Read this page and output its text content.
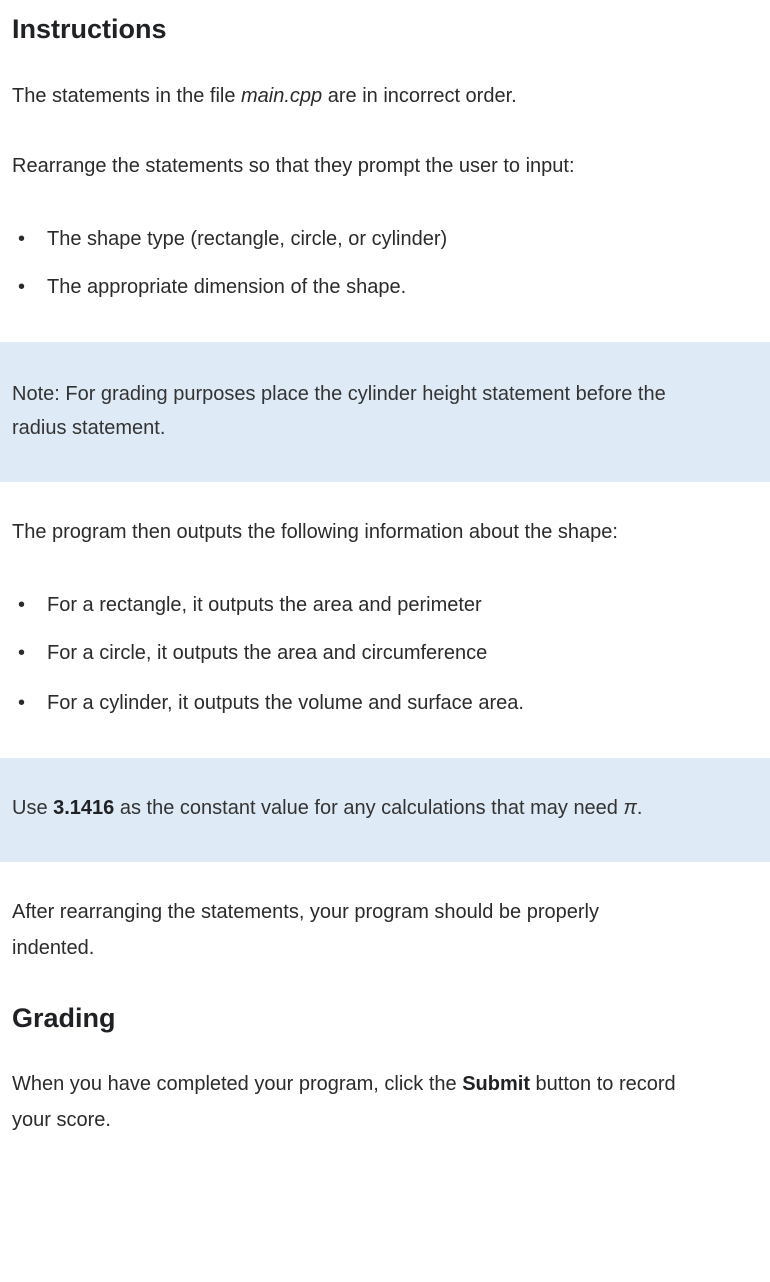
Instructions

The statements in the file main.cpp are in incorrect order.

Rearrange the statements so that they prompt the user to input:

• The shape type (rectangle, circle, or cylinder)
• The appropriate dimension of the shape.

Note: For grading purposes place the cylinder height statement before the

radius statement.

The program then outputs the following information about the shape:

• For a rectangle, it outputs the area and perimeter
• For a circle, it outputs the area and circumference
• For a cylinder, it outputs the volume and surface area.

Use 3.1416 as the constant value for any calculations that may need π.

After rearranging the statements, your program should be properly

indented.

Grading

When you have completed your program, click the Submit button to record

your score.
